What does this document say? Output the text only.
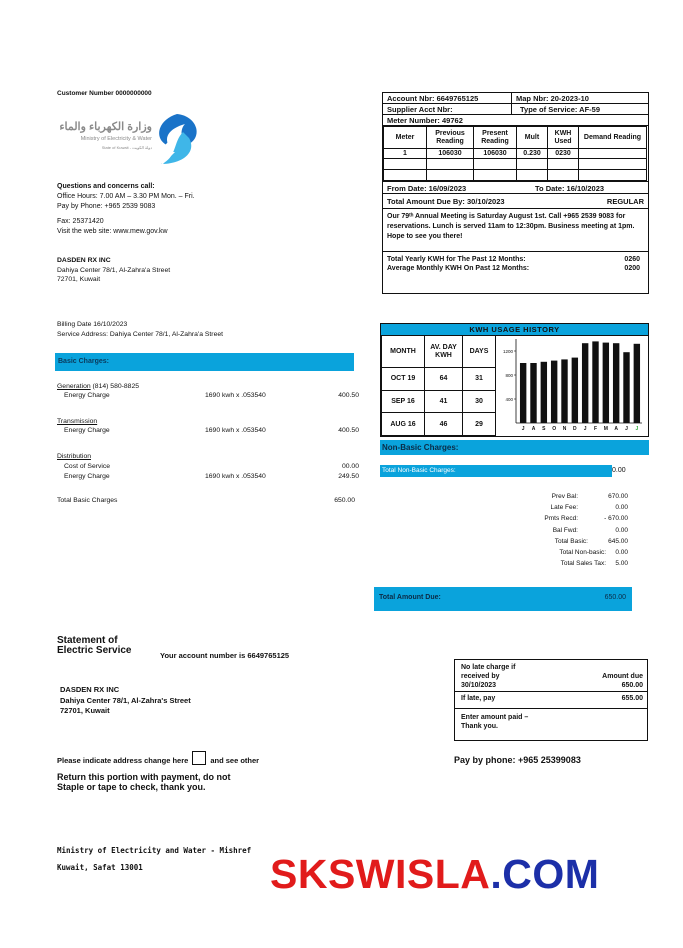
Customer Number 0000000000
وزارة الكهرباء والماء
Ministry of Electricity & Water
State of Kuwait - دولة الكويت
Questions and concerns call:
Office Hours: 7.00 AM – 3.30 PM Mon. – Fri.
Pay by Phone: +965 2539 9083
Fax: 25371420
Visit the web site: www.mew.gov.kw
DASDEN RX INC
Dahiya Center 78/1, Al-Zahra'a Street
72701, Kuwait
Account Nbr: 6649765125	Map Nbr: 20-2023-10
Supplier Acct Nbr:	Type of Service: AF-59
Meter Number: 49762
Meter	Previous Reading	Present Reading	Mult	KWH Used	Demand Reading
1	106030	106030	0.230	0230	

From Date: 16/09/2023	To Date: 16/10/2023
Total Amount Due By: 30/10/2023	REGULAR
Our 79ᵗʰ Annual Meeting is Saturday August 1st. Call +965 2539 9083 for reservations. Lunch is served 11am to 12:30pm. Business meeting at 1pm. Hope to see you there!
Total Yearly KWH for The Past 12 Months:	0260
Average Monthly KWH On Past 12 Months:	0200
Billing Date 16/10/2023
Service Address: Dahiya Center 78/1, Al-Zahra'a Street
Basic Charges:
Generation (814) 580-8825
Energy Charge	1690 kwh x .053540	400.50
Transmission
Energy Charge	1690 kwh x .053540	400.50
Distribution
Cost of Service	00.00
Energy Charge	1690 kwh x .053540	249.50
Total Basic Charges	650.00
KWH USAGE HISTORY
MONTH	AV. DAY KWH	DAYS
OCT 19	64	31
SEP 16	41	30
AUG 16	46	29
1200
800
400
J A S O N D J F M A J J
Non-Basic Charges:
Total Non-Basic Charges:	0.00
Prev Bal:	670.00
Late Fee:	0.00
Pmts Recd:	- 670.00
Bal Fwd:	0.00
Total Basic:	645.00
Total Non-basic:	0.00
Total Sales Tax:	5.00
Total Amount Due:	650.00
Statement of
Electric Service	Your account number is 6649765125
DASDEN RX INC
Dahiya Center 78/1, Al-Zahra's Street
72701, Kuwait
Please indicate address change here	and see other
Return this portion with payment, do not
Staple or tape to check, thank you.
No late charge if
received by	Amount due
30/10/2023	650.00
If late, pay	655.00
Enter amount paid –
Thank you.
Pay by phone: +965 25399083
Ministry of Electricity and Water - Mishref
Kuwait, Safat 13001	SKSWISLA.COM
